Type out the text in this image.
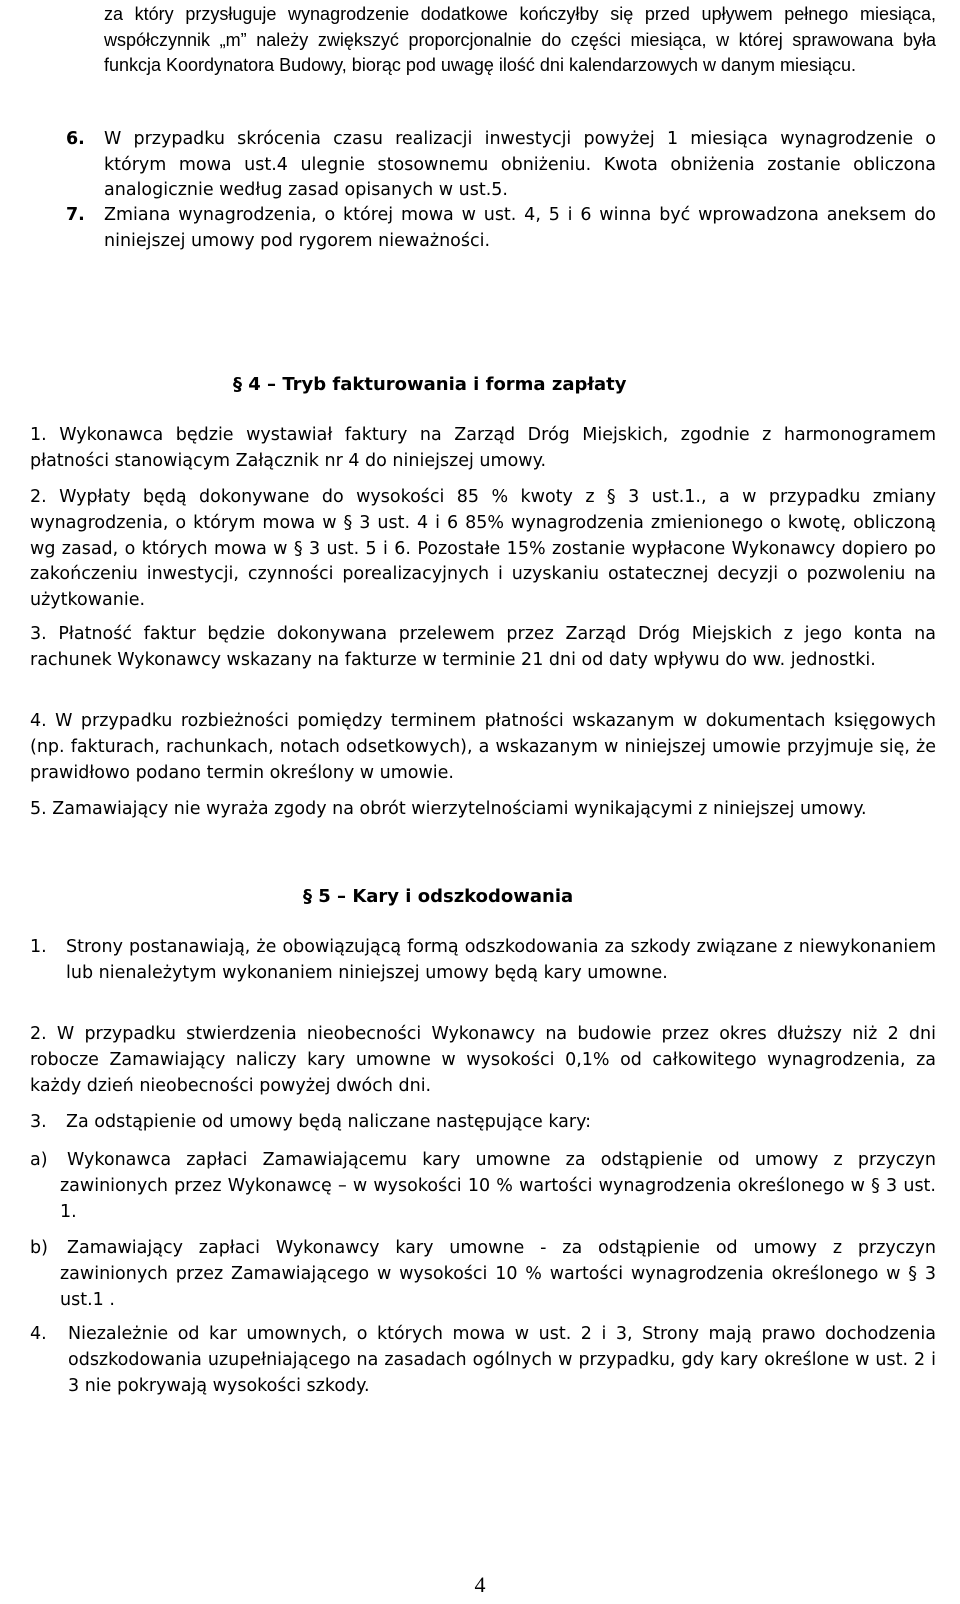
za który przysługuje wynagrodzenie dodatkowe kończyłby się przed upływem pełnego miesiąca, współczynnik „m” należy zwiększyć proporcjonalnie do części miesiąca, w której sprawowana była funkcja Koordynatora Budowy, biorąc pod uwagę ilość dni kalendarzowych w danym miesiącu.

6. W przypadku skrócenia czasu realizacji inwestycji powyżej 1 miesiąca wynagrodzenie o którym mowa ust.4 ulegnie stosownemu obniżeniu. Kwota obniżenia zostanie obliczona analogicznie według zasad opisanych w ust.5.
7. Zmiana wynagrodzenia, o której mowa w ust. 4, 5 i 6 winna być wprowadzona aneksem do niniejszej umowy pod rygorem nieważności.
§ 4 – Tryb fakturowania i forma zapłaty
1. Wykonawca będzie wystawiał faktury na Zarząd Dróg Miejskich, zgodnie z harmonogramem płatności stanowiącym Załącznik nr 4 do niniejszej umowy.
2. Wypłaty będą dokonywane do wysokości 85 % kwoty z § 3 ust.1., a w przypadku zmiany wynagrodzenia, o którym mowa w § 3 ust. 4 i 6 85% wynagrodzenia zmienionego o kwotę, obliczoną wg zasad, o których mowa w § 3 ust. 5 i 6. Pozostałe 15% zostanie wypłacone Wykonawcy dopiero po zakończeniu inwestycji, czynności porealizacyjnych i uzyskaniu ostatecznej decyzji o pozwoleniu na użytkowanie.
3. Płatność faktur będzie dokonywana przelewem przez Zarząd Dróg Miejskich z jego konta na rachunek Wykonawcy wskazany na fakturze w terminie 21 dni od daty wpływu do ww. jednostki.
4. W przypadku rozbieżności pomiędzy terminem płatności wskazanym w dokumentach księgowych (np. fakturach, rachunkach, notach odsetkowych), a wskazanym w niniejszej umowie przyjmuje się, że prawidłowo podano termin określony w umowie.
5. Zamawiający nie wyraża zgody na obrót wierzytelnościami wynikającymi z niniejszej umowy.
§ 5 – Kary i odszkodowania
1. Strony postanawiają, że obowiązującą formą odszkodowania za szkody związane z niewykonaniem lub nienależytym wykonaniem niniejszej umowy będą kary umowne.
2. W przypadku stwierdzenia nieobecności Wykonawcy na budowie przez okres dłuższy niż 2 dni robocze Zamawiający naliczy kary umowne w wysokości 0,1% od całkowitego wynagrodzenia, za każdy dzień nieobecności powyżej dwóch dni.
3. Za odstąpienie od umowy będą naliczane następujące kary:
a) Wykonawca zapłaci Zamawiającemu kary umowne za odstąpienie od umowy z przyczyn zawinionych przez Wykonawcę – w wysokości 10 % wartości wynagrodzenia określonego w § 3 ust. 1.
b) Zamawiający zapłaci Wykonawcy kary umowne - za odstąpienie od umowy z przyczyn zawinionych przez Zamawiającego w wysokości 10 % wartości wynagrodzenia określonego w § 3 ust.1 .
4. Niezależnie od kar umownych, o których mowa w ust. 2 i 3, Strony mają prawo dochodzenia odszkodowania uzupełniającego na zasadach ogólnych w przypadku, gdy kary określone w ust. 2 i 3 nie pokrywają wysokości szkody.
4
